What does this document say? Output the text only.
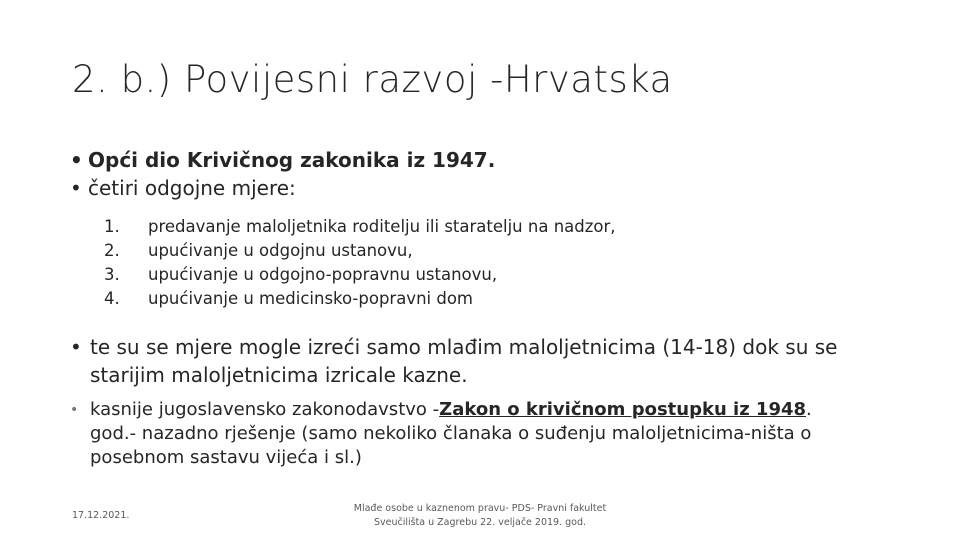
2. b.) Povijesni razvoj -Hrvatska
• Opći dio Krivičnog zakonika iz 1947.
• četiri odgojne mjere:
1. predavanje maloljetnika roditelju ili staratelju na nadzor,
2. upućivanje u odgojnu ustanovu,
3. upućivanje u odgojno-popravnu ustanovu,
4. upućivanje u medicinsko-popravni dom
• te su se mjere mogle izreći samo mlađim maloljetnicima (14-18) dok su se starijim maloljetnicima izricale kazne.
• kasnije jugoslavensko zakonodavstvo -Zakon o krivičnom postupku iz 1948. god.- nazadno rješenje (samo nekoliko članaka o suđenju maloljetnicima-ništa o posebnom sastavu vijeća i sl.)
17.12.2021.
Mlađe osobe u kaznenom pravu- PDS- Pravni fakultet
Sveučilišta u Zagrebu 22. veljače 2019. god.
